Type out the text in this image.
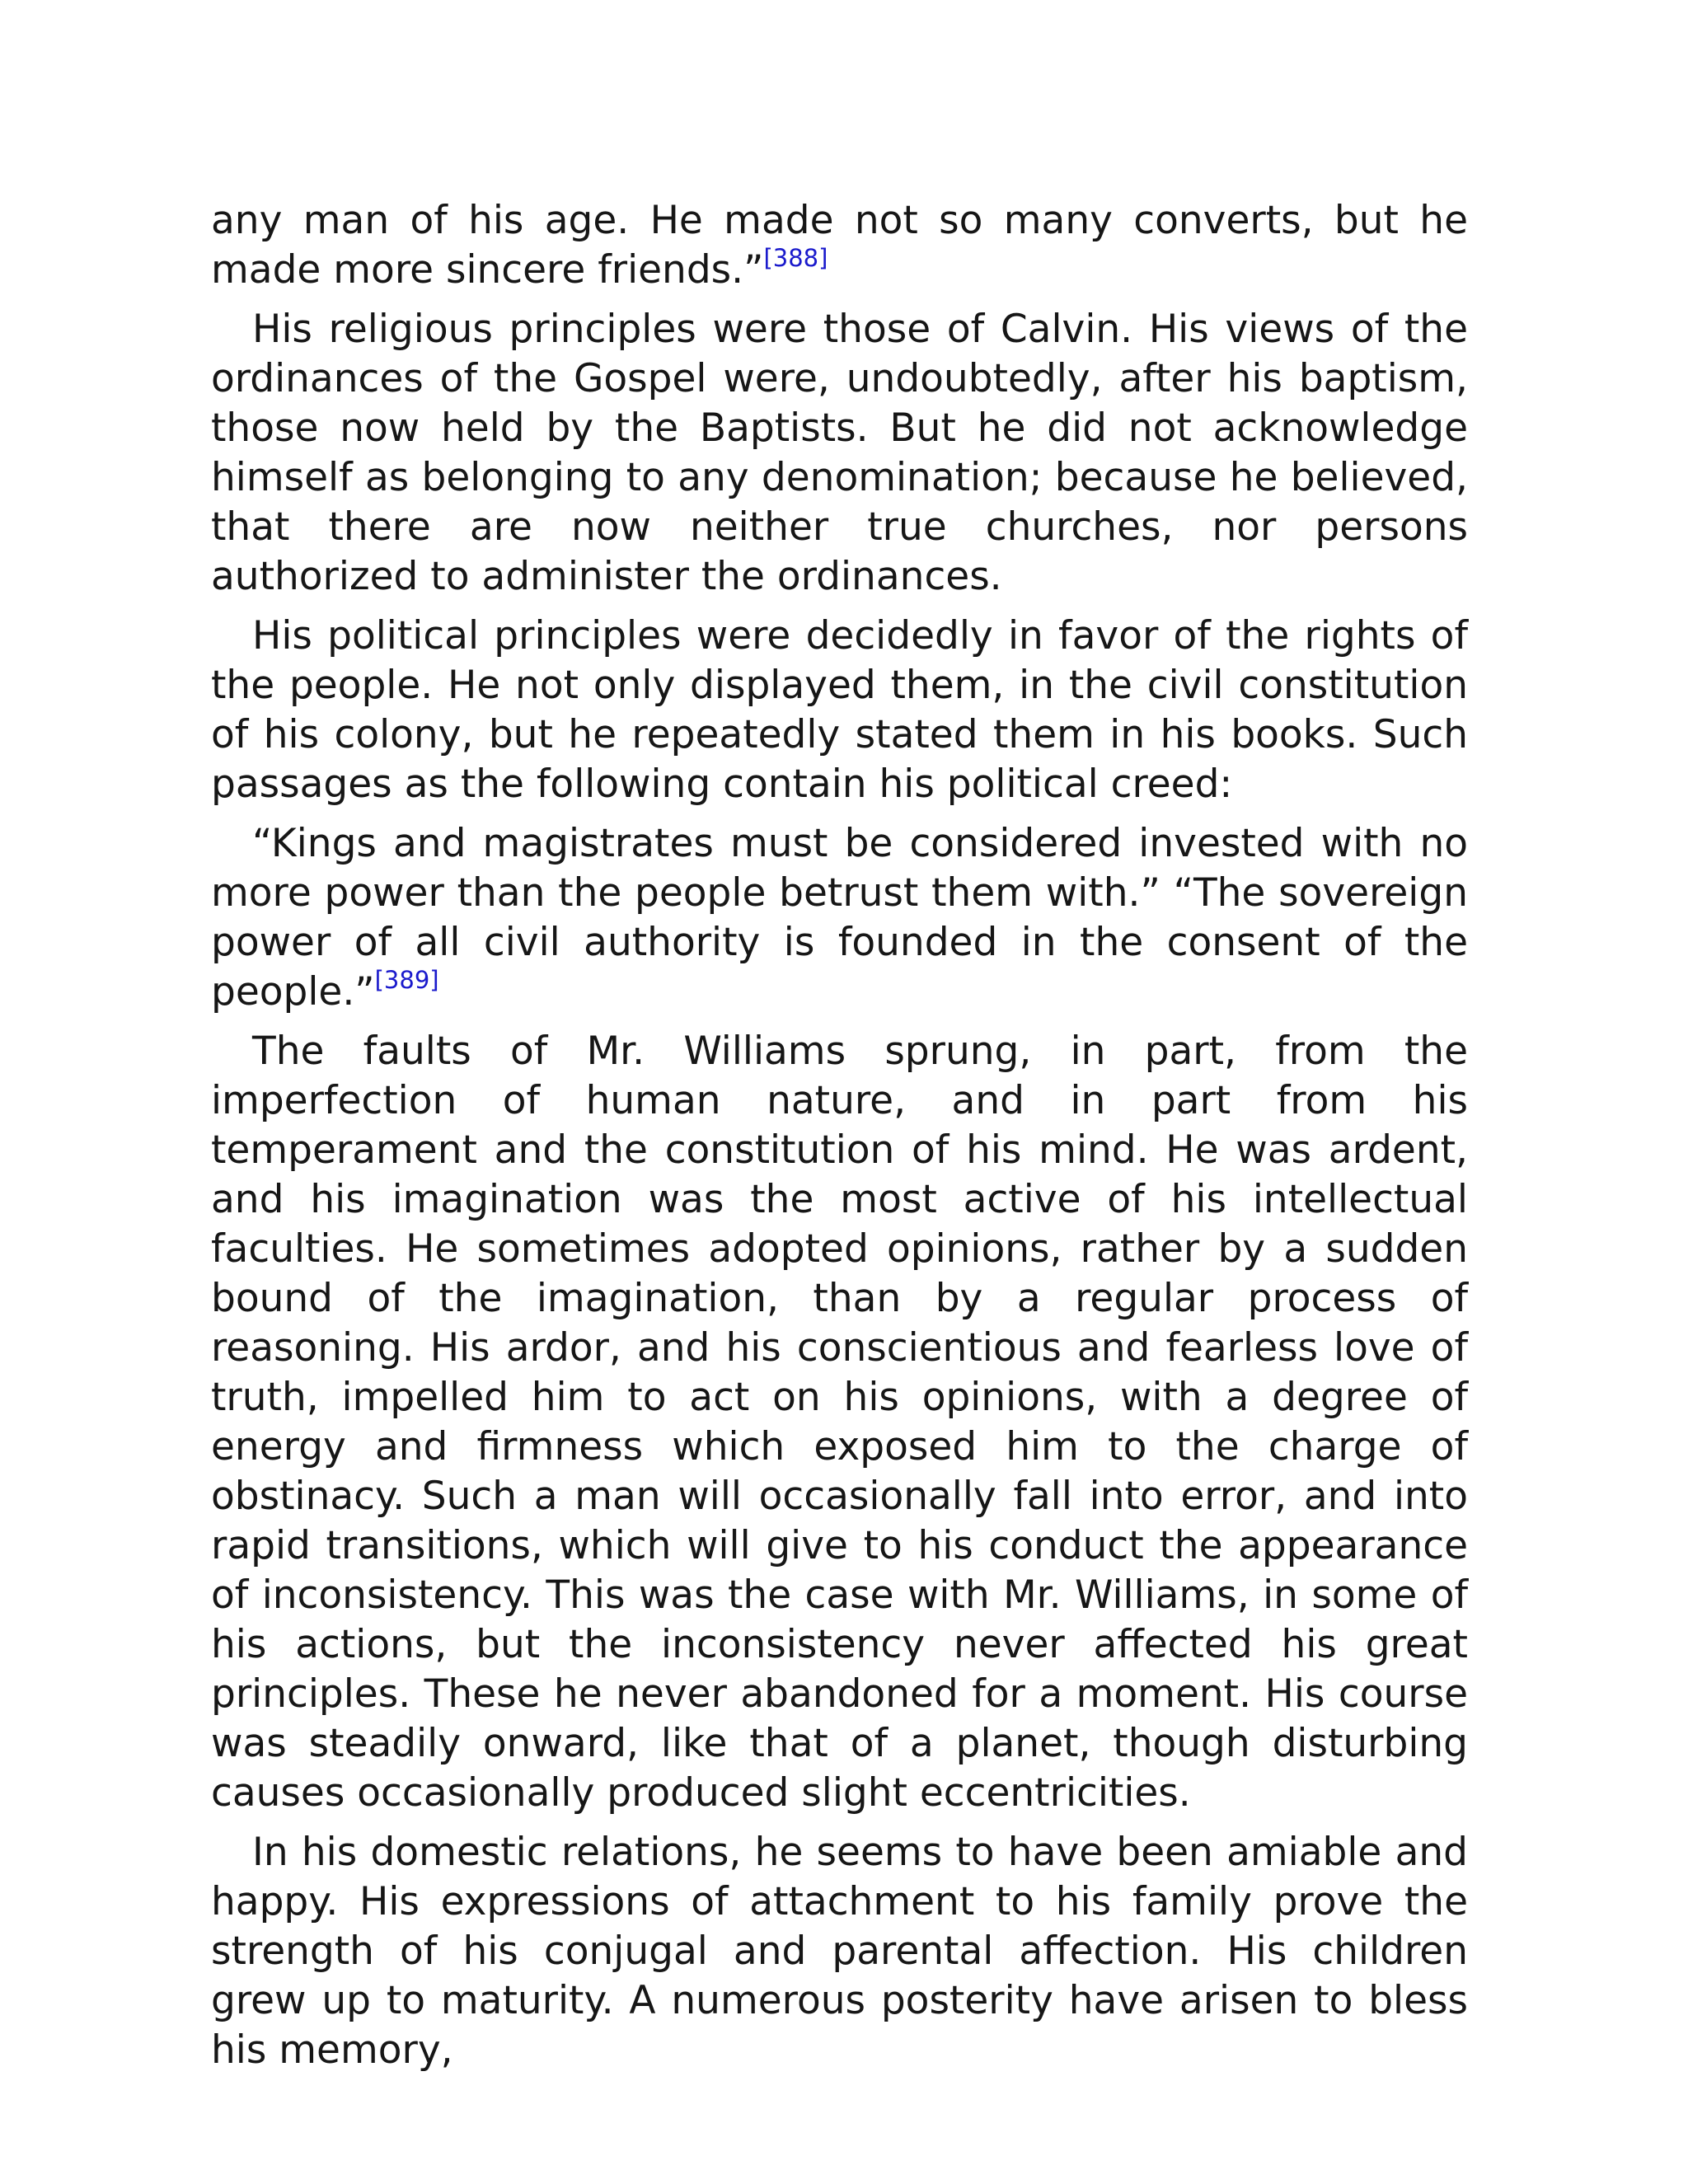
any man of his age. He made not so many converts, but he made more sincere friends.”[388]

His religious principles were those of Calvin. His views of the ordinances of the Gospel were, undoubtedly, after his baptism, those now held by the Baptists. But he did not acknowledge himself as belonging to any denomination; because he believed, that there are now neither true churches, nor persons authorized to administer the ordinances.

His political principles were decidedly in favor of the rights of the people. He not only displayed them, in the civil constitution of his colony, but he repeatedly stated them in his books. Such passages as the following contain his political creed:

“Kings and magistrates must be considered invested with no more power than the people betrust them with.” “The sovereign power of all civil authority is founded in the consent of the people.”[389]

The faults of Mr. Williams sprung, in part, from the imperfection of human nature, and in part from his temperament and the constitution of his mind. He was ardent, and his imagination was the most active of his intellectual faculties. He sometimes adopted opinions, rather by a sudden bound of the imagination, than by a regular process of reasoning. His ardor, and his conscientious and fearless love of truth, impelled him to act on his opinions, with a degree of energy and firmness which exposed him to the charge of obstinacy. Such a man will occasionally fall into error, and into rapid transitions, which will give to his conduct the appearance of inconsistency. This was the case with Mr. Williams, in some of his actions, but the inconsistency never affected his great principles. These he never abandoned for a moment. His course was steadily onward, like that of a planet, though disturbing causes occasionally produced slight eccentricities.

In his domestic relations, he seems to have been amiable and happy. His expressions of attachment to his family prove the strength of his conjugal and parental affection. His children grew up to maturity. A numerous posterity have arisen to bless his memory,
